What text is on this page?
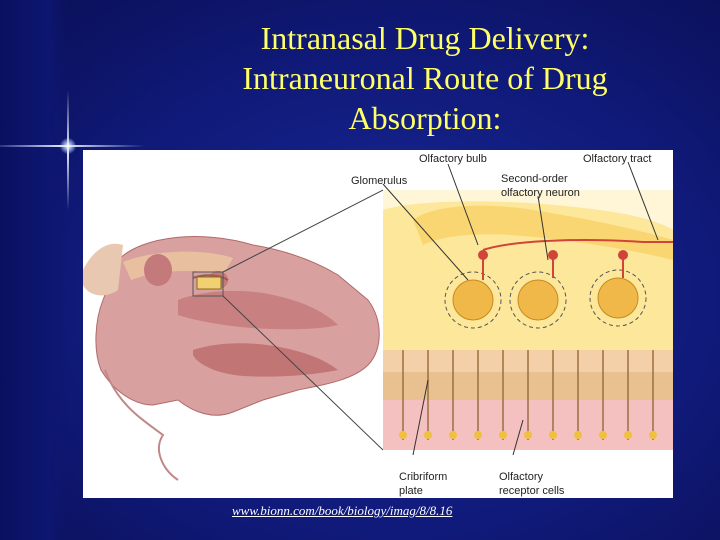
Intranasal Drug Delivery:
Intraneuronal Route of Drug
Absorption:
Olfactory bulb	Olfactory tract
Glomerulus	Second-order
olfactory neuron
Cribriform
plate
Olfactory
receptor cells
www.bionn.com/book/biology/imag/8/8.16
